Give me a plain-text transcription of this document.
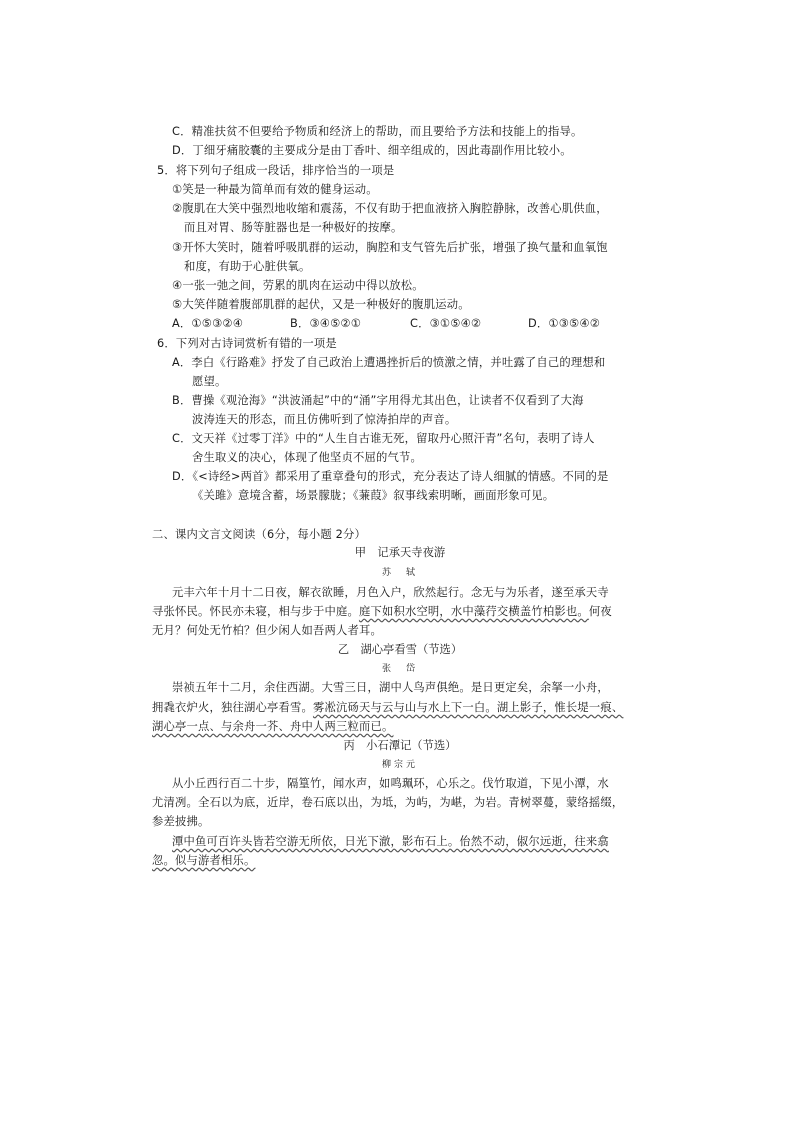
C．精准扶贫不但要给予物质和经济上的帮助，而且要给予方法和技能上的指导。
D．丁细牙痛胶囊的主要成分是由丁香叶、细辛组成的，因此毒副作用比较小。
5．将下列句子组成一段话，排序恰当的一项是
①笑是一种最为简单而有效的健身运动。
②腹肌在大笑中强烈地收缩和震荡，不仅有助于把血液挤入胸腔静脉，改善心肌供血，
而且对胃、肠等脏器也是一种极好的按摩。
③开怀大笑时，随着呼吸肌群的运动，胸腔和支气管先后扩张，增强了换气量和血氧饱
和度，有助于心脏供氧。
④一张一弛之间，劳累的肌肉在运动中得以放松。
⑤大笑伴随着腹部肌群的起伏，又是一种极好的腹肌运动。
A．①⑤③②④	B．③④⑤②①	C．③①⑤④②	D．①③⑤④②
6．下列对古诗词赏析有错的一项是
A．李白《行路难》抒发了自己政治上遭遇挫折后的愤激之情，并吐露了自己的理想和
愿望。
B．曹操《观沧海》“洪波涌起”中的“涌”字用得尤其出色，让读者不仅看到了大海
波涛连天的形态，而且仿佛听到了惊涛拍岸的声音。
C．文天祥《过零丁洋》中的“人生自古谁无死，留取丹心照汗青”名句，表明了诗人
舍生取义的决心，体现了他坚贞不屈的气节。
D．《<诗经>两首》都采用了重章叠句的形式，充分表达了诗人细腻的情感。不同的是
《关雎》意境含蓄，场景朦胧；《蒹葭》叙事线索明晰，画面形象可见。
二、课内文言文阅读（6分，每小题 2分）
甲　记承天寺夜游
苏　轼
元丰六年十月十二日夜，解衣欲睡，月色入户，欣然起行。念无与为乐者，遂至承天寺
寻张怀民。怀民亦未寝，相与步于中庭。庭下如积水空明，水中藻荇交横盖竹柏影也。何夜
无月？何处无竹柏？但少闲人如吾两人者耳。
乙　湖心亭看雪（节选）
张　岱
崇祯五年十二月，余住西湖。大雪三日，湖中人鸟声俱绝。是日更定矣，余拏一小舟，
拥毳衣炉火，独往湖心亭看雪。雾凇沆砀天与云与山与水上下一白。湖上影子，惟长堤一痕、
湖心亭一点、与余舟一芥、舟中人两三粒而已。
丙　小石潭记（节选）
柳宗元
从小丘西行百二十步，隔篁竹，闻水声，如鸣珮环，心乐之。伐竹取道，下见小潭，水
尤清冽。全石以为底，近岸，卷石底以出，为坻，为屿，为嵁，为岩。青树翠蔓，蒙络摇缀，
参差披拂。
潭中鱼可百许头皆若空游无所依，日光下澈，影布石上。佁然不动，俶尔远逝，往来翕
忽。似与游者相乐。
